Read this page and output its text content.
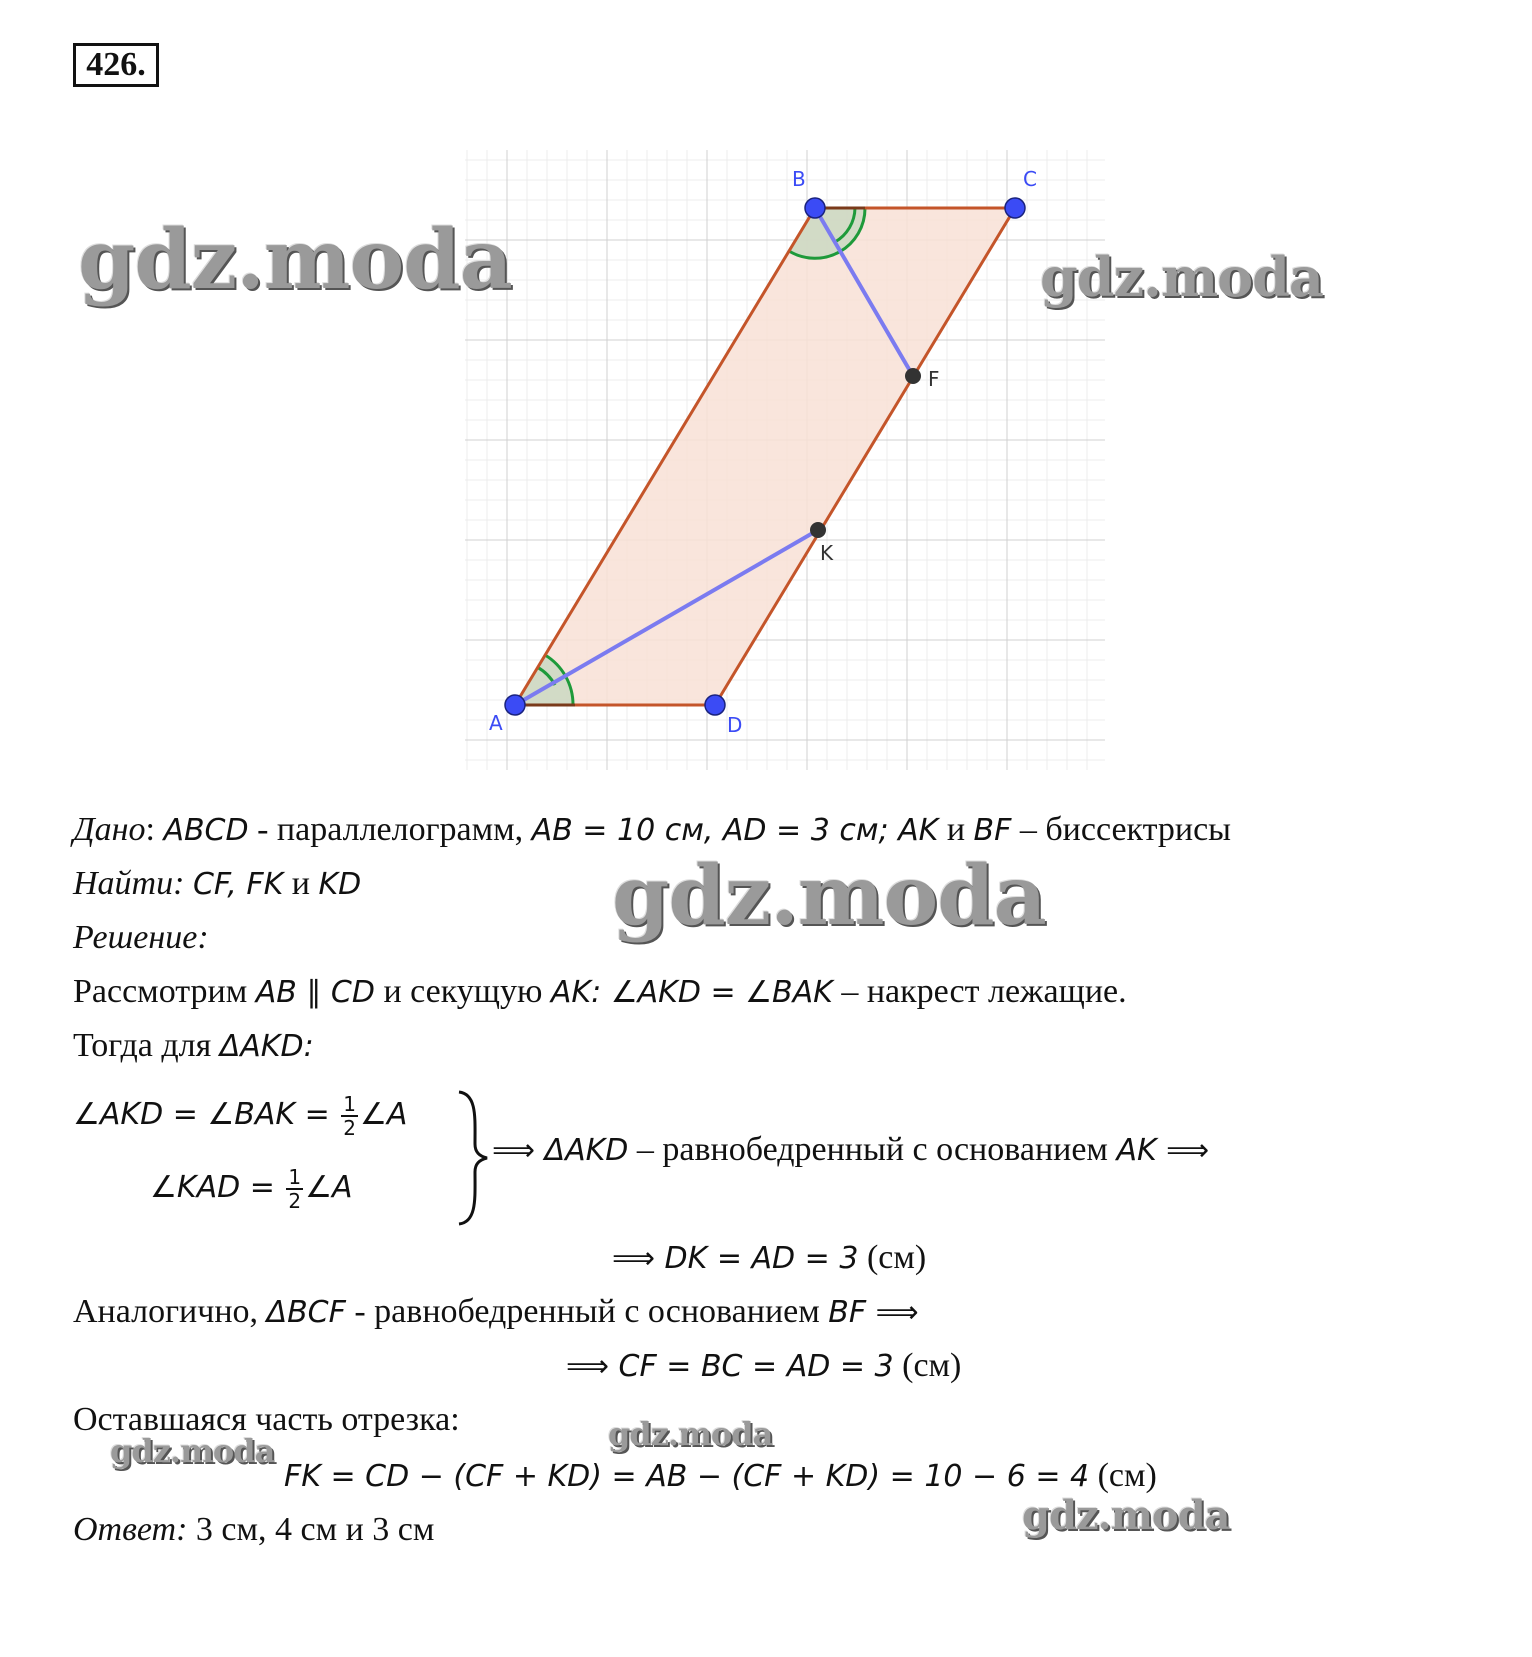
426.
A
B	C
D
F
K
gdz.moda	gdz.moda
Дано: ABCD - параллелограмм, AB = 10 см, AD = 3 см; AK и BF – биссектрисы
Найти: CF, FK и KD	gdz.moda
Решение:
Рассмотрим AB ∥ CD и секущую AK: ∠AKD = ∠BAK – накрест лежащие.
Тогда для ΔAKD:
∠AKD = ∠BAK = $\frac{1}{2}$ ∠A
∠KAD = $\frac{1}{2}$ ∠A
⟹ ΔAKD – равнобедренный с основанием AK ⟹
⟹ DK = AD = 3 (см)
Аналогично, ΔBCF - равнобедренный с основанием BF ⟹
⟹ CF = BC = AD = 3 (см)
Оставшаяся часть отрезка:	gdz.moda
gdz.moda
FK = CD − (CF + KD) = AB − (CF + KD) = 10 − 6 = 4 (см)
gdz.moda
Ответ: 3 см, 4 см и 3 см
